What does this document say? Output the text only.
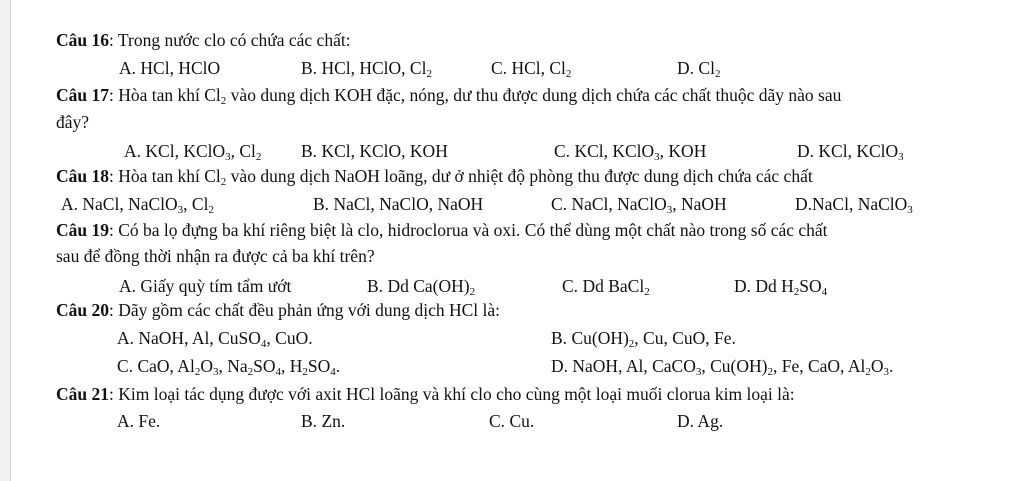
Câu 16: Trong nước clo có chứa các chất:
A. HCl, HClO	B. HCl, HClO, $Cl_2$	C. HCl, $Cl_2$	D. $Cl_2$
Câu 17: Hòa tan khí $Cl_2$ vào dung dịch KOH đặc, nóng, dư thu được dung dịch chứa các chất thuộc dãy nào sau
đây?
A. KCl, KClO$_3$, $Cl_2$ B. KCl, KClO, KOH	C. KCl, KClO$_3$, KOH	D. KCl, KClO$_3$
Câu 18: Hòa tan khí $Cl_2$ vào dung dịch NaOH loãng, dư ở nhiệt độ phòng thu được dung dịch chứa các chất
A. NaCl, NaClO$_3$, $Cl_2$	B. NaCl, NaClO, NaOH	C. NaCl, NaClO$_3$, NaOH	D.NaCl, NaClO$_3$
Câu 19: Có ba lọ đựng ba khí riêng biệt là clo, hidroclorua và oxi. Có thể dùng một chất nào trong số các chất
sau để đồng thời nhận ra được cả ba khí trên?
A. Giấy quỳ tím tẩm ướt	B. Dd $Ca(OH)_2$	C. Dd BaCl$_2$	D. Dd $H_2SO_4$
Câu 20: Dãy gồm các chất đều phản ứng với dung dịch HCl là:
A. NaOH, Al, CuSO$_4$, CuO.	B. $Cu(OH)_2$, Cu, CuO, Fe.
C. CaO, $Al_2O_3$, $Na_2SO_4$, $H_2SO_4$.	D. NaOH, Al, CaCO$_3$, $Cu(OH)_2$, Fe, CaO, $Al_2O_3$.
Câu 21: Kim loại tác dụng được với axit HCl loãng và khí clo cho cùng một loại muối clorua kim loại là:
A. Fe.	B. Zn.	C. Cu.	D. Ag.
